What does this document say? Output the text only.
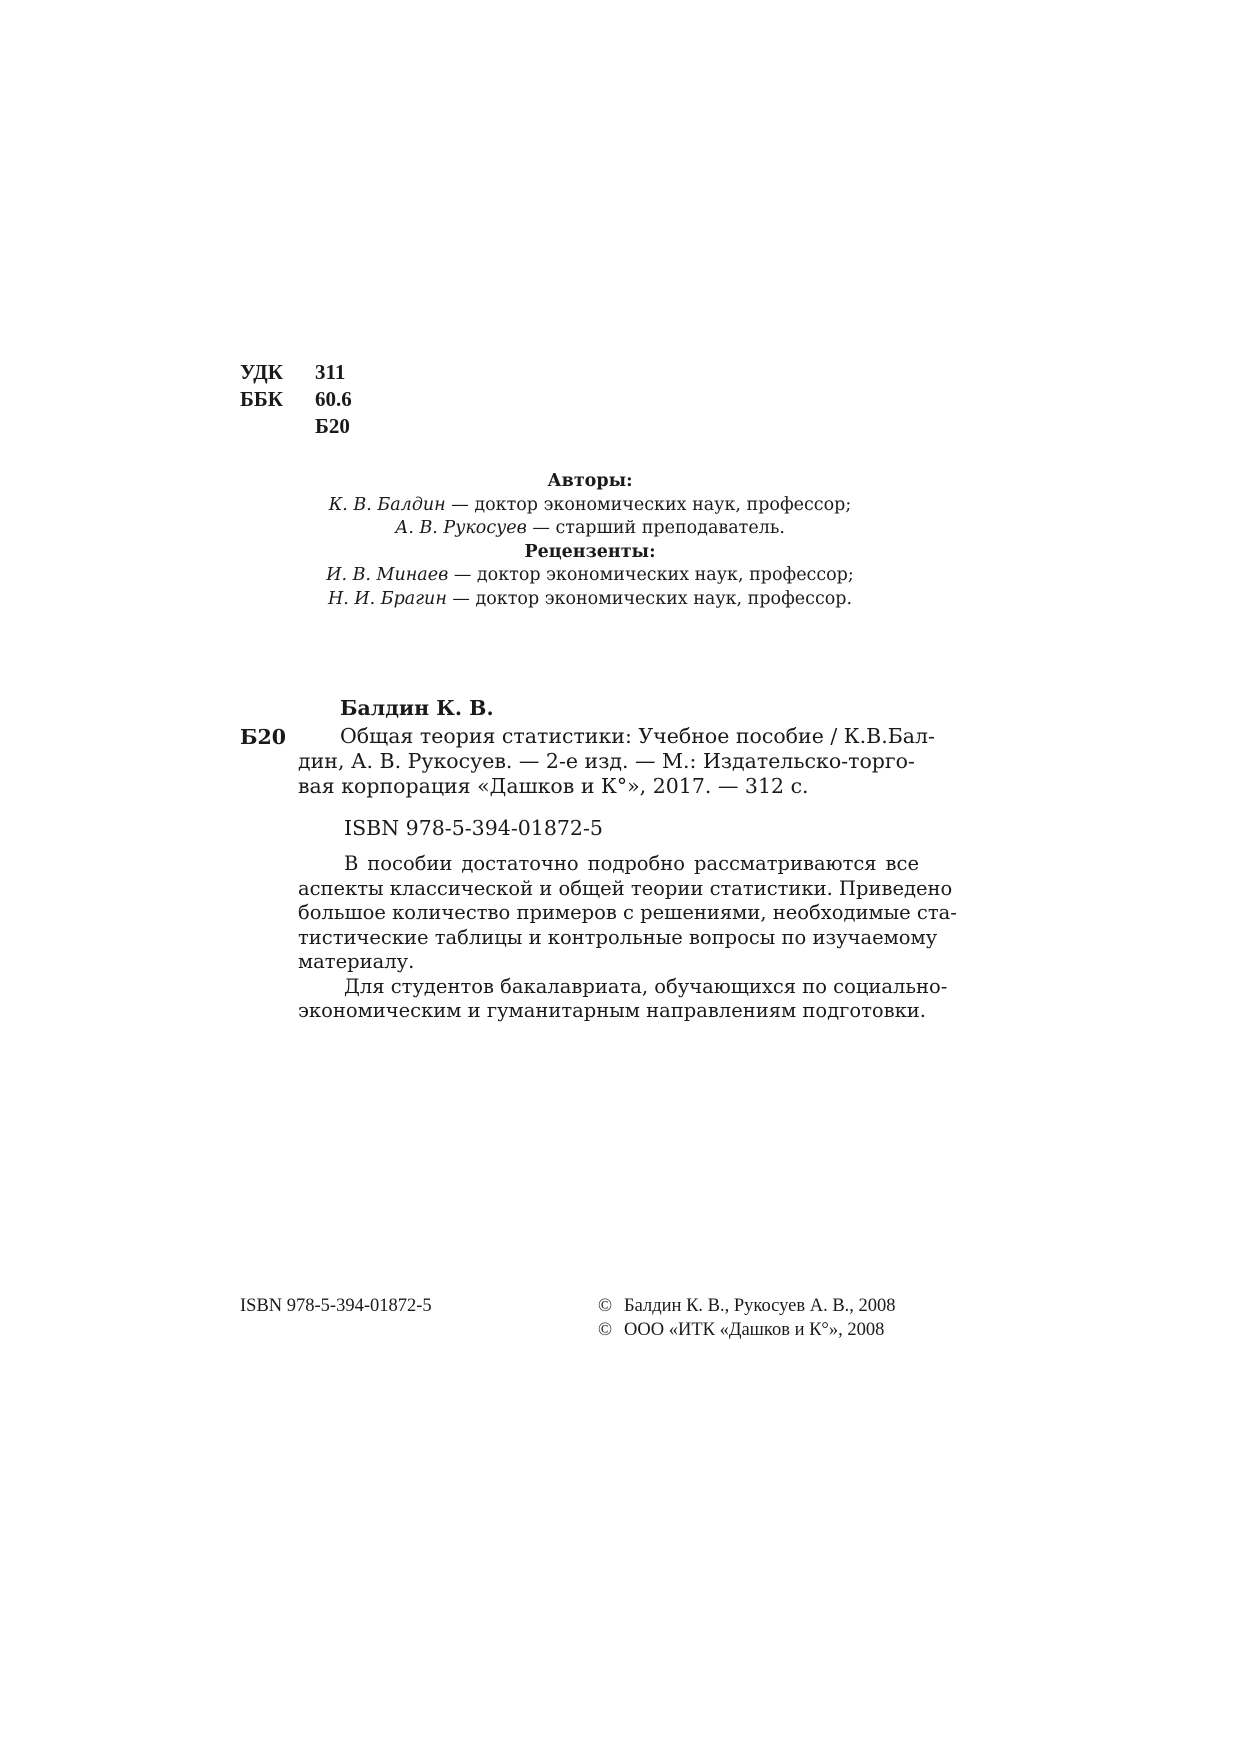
УДК	311
ББК	60.6
Б20
Авторы:
К. В. Балдин — доктор экономических наук, профессор;
А. В. Рукосуев — старший преподаватель.
Рецензенты:
И. В. Минаев — доктор экономических наук, профессор;
Н. И. Брагин — доктор экономических наук, профессор.
Балдин К. В.
Б20	Общая теория статистики: Учебное пособие / К.В.Бал-
дин, А. В. Рукосуев. — 2-е изд. — М.: Издательско-торго-
вая корпорация «Дашков и К°», 2017. — 312 с.
ISBN 978-5-394-01872-5
В пособии достаточно подробно рассматриваются все
аспекты классической и общей теории статистики. Приведено
большое количество примеров с решениями, необходимые ста-
тистические таблицы и контрольные вопросы по изучаемому
материалу.
Для студентов бакалавриата, обучающихся по социально-
экономическим и гуманитарным направлениям подготовки.
ISBN 978-5-394-01872-5	© Балдин К. В., Рукосуев А. В., 2008
© ООО «ИТК «Дашков и К°», 2008
